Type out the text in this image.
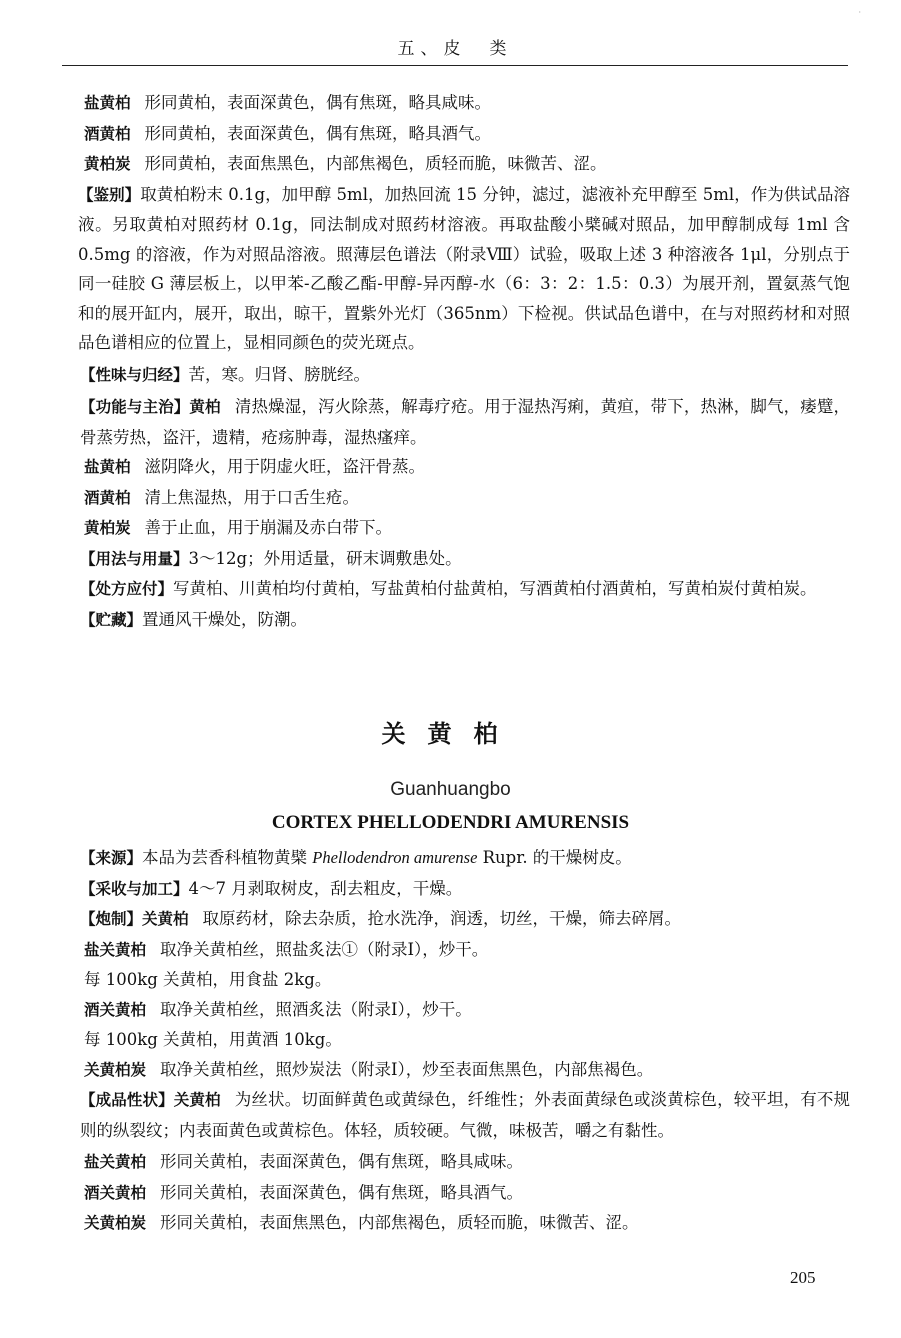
·
五、皮　类

盐黄柏 形同黄柏，表面深黄色，偶有焦斑，略具咸味。

酒黄柏 形同黄柏，表面深黄色，偶有焦斑，略具酒气。

黄柏炭 形同黄柏，表面焦黑色，内部焦褐色，质轻而脆，味微苦、涩。

【鉴别】取黄柏粉末 0.1g，加甲醇 5ml，加热回流 15 分钟，滤过，滤液补充甲醇至 5ml，作为供试品溶液。另取黄柏对照药材 0.1g，同法制成对照药材溶液。再取盐酸小檗碱对照品，加甲醇制成每 1ml 含 0.5mg 的溶液，作为对照品溶液。照薄层色谱法（附录Ⅷ）试验，吸取上述 3 种溶液各 1μl，分别点于同一硅胶 G 薄层板上，以甲苯-乙酸乙酯-甲醇-异丙醇-水（6：3：2：1.5：0.3）为展开剂，置氨蒸气饱和的展开缸内，展开，取出，晾干，置紫外光灯（365nm）下检视。供试品色谱中，在与对照药材和对照品色谱相应的位置上，显相同颜色的荧光斑点。

【性味与归经】苦，寒。归肾、膀胱经。

【功能与主治】黄柏 清热燥湿，泻火除蒸，解毒疗疮。用于湿热泻痢，黄疸，带下，热淋，脚气，痿躄，骨蒸劳热，盗汗，遗精，疮疡肿毒，湿热瘙痒。

盐黄柏 滋阴降火，用于阴虚火旺，盗汗骨蒸。

酒黄柏 清上焦湿热，用于口舌生疮。

黄柏炭 善于止血，用于崩漏及赤白带下。

【用法与用量】3～12g；外用适量，研末调敷患处。

【处方应付】写黄柏、川黄柏均付黄柏，写盐黄柏付盐黄柏，写酒黄柏付酒黄柏，写黄柏炭付黄柏炭。

【贮藏】置通风干燥处，防潮。

关黄柏
Guanhuangbo
CORTEX PHELLODENDRI AMURENSIS

【来源】本品为芸香科植物黄檗 Phellodendron amurense Rupr. 的干燥树皮。

【采收与加工】4～7 月剥取树皮，刮去粗皮，干燥。

【炮制】关黄柏 取原药材，除去杂质，抢水洗净，润透，切丝，干燥，筛去碎屑。

盐关黄柏 取净关黄柏丝，照盐炙法①（附录Ⅰ），炒干。

每 100kg 关黄柏，用食盐 2kg。

酒关黄柏 取净关黄柏丝，照酒炙法（附录Ⅰ），炒干。

每 100kg 关黄柏，用黄酒 10kg。

关黄柏炭 取净关黄柏丝，照炒炭法（附录Ⅰ），炒至表面焦黑色，内部焦褐色。

【成品性状】关黄柏 为丝状。切面鲜黄色或黄绿色，纤维性；外表面黄绿色或淡黄棕色，较平坦，有不规则的纵裂纹；内表面黄色或黄棕色。体轻，质较硬。气微，味极苦，嚼之有黏性。

盐关黄柏 形同关黄柏，表面深黄色，偶有焦斑，略具咸味。

酒关黄柏 形同关黄柏，表面深黄色，偶有焦斑，略具酒气。

关黄柏炭 形同关黄柏，表面焦黑色，内部焦褐色，质轻而脆，味微苦、涩。

205
